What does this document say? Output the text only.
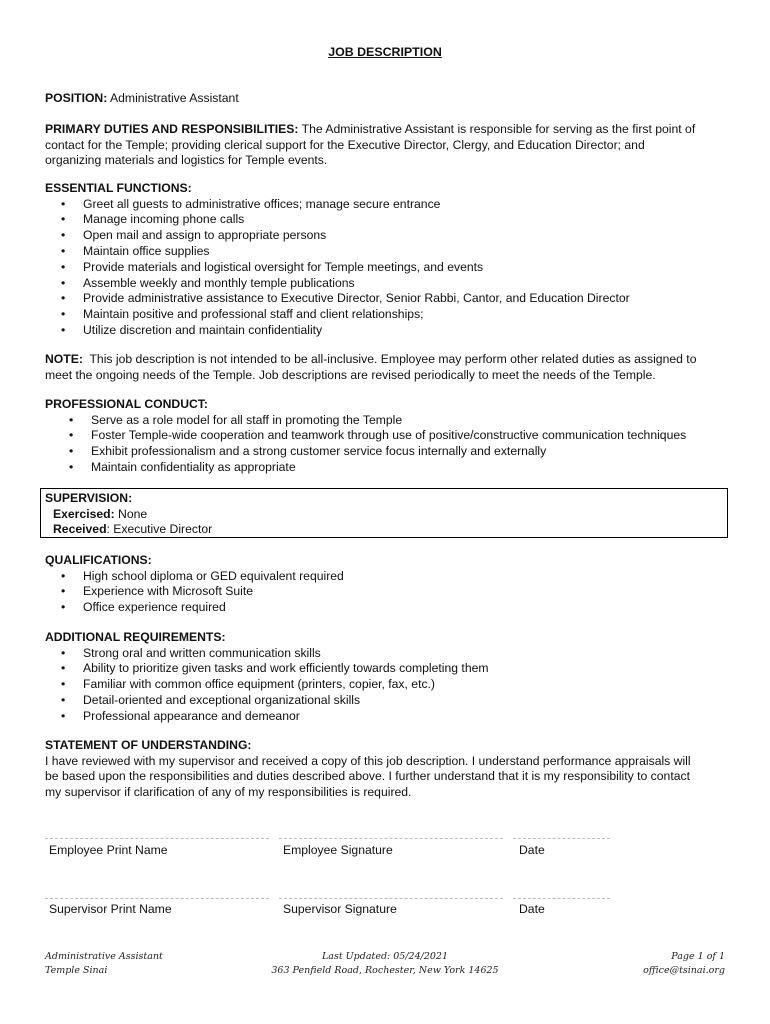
JOB DESCRIPTION
POSITION: Administrative Assistant
PRIMARY DUTIES AND RESPONSIBILITIES: The Administrative Assistant is responsible for serving as the first point of
contact for the Temple; providing clerical support for the Executive Director, Clergy, and Education Director; and
organizing materials and logistics for Temple events.
ESSENTIAL FUNCTIONS:
• Greet all guests to administrative offices; manage secure entrance
• Manage incoming phone calls
• Open mail and assign to appropriate persons
• Maintain office supplies
• Provide materials and logistical oversight for Temple meetings, and events
• Assemble weekly and monthly temple publications
• Provide administrative assistance to Executive Director, Senior Rabbi, Cantor, and Education Director
• Maintain positive and professional staff and client relationships;
• Utilize discretion and maintain confidentiality
NOTE: This job description is not intended to be all-inclusive. Employee may perform other related duties as assigned to
meet the ongoing needs of the Temple. Job descriptions are revised periodically to meet the needs of the Temple.
PROFESSIONAL CONDUCT:
• Serve as a role model for all staff in promoting the Temple
• Foster Temple-wide cooperation and teamwork through use of positive/constructive communication techniques
• Exhibit professionalism and a strong customer service focus internally and externally
• Maintain confidentiality as appropriate
SUPERVISION:
Exercised: None
Received: Executive Director
QUALIFICATIONS:
• High school diploma or GED equivalent required
• Experience with Microsoft Suite
• Office experience required
ADDITIONAL REQUIREMENTS:
• Strong oral and written communication skills
• Ability to prioritize given tasks and work efficiently towards completing them
• Familiar with common office equipment (printers, copier, fax, etc.)
• Detail-oriented and exceptional organizational skills
• Professional appearance and demeanor
STATEMENT OF UNDERSTANDING:
I have reviewed with my supervisor and received a copy of this job description. I understand performance appraisals will
be based upon the responsibilities and duties described above. I further understand that it is my responsibility to contact
my supervisor if clarification of any of my responsibilities is required.
Employee Print Name	Employee Signature	Date
Supervisor Print Name	Supervisor Signature	Date
Administrative Assistant
Temple Sinai
Last Updated: 05/24/2021
363 Penfield Road, Rochester, New York 14625
Page 1 of 1
office@tsinai.org
